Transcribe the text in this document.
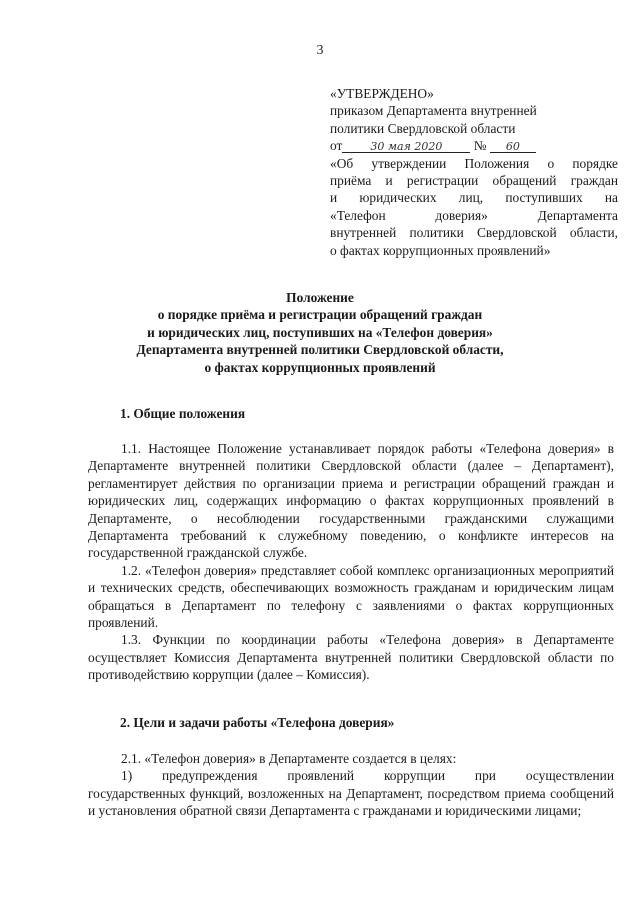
3
«УТВЕРЖДЕНО»
приказом Департамента внутренней
политики Свердловской области
от	30 мая 2020 № 60
«Об утверждении Положения о порядке
приёма и регистрации обращений граждан
и юридических лиц, поступивших на
«Телефон доверия» Департамента
внутренней политики Свердловской области,
о фактах коррупционных проявлений»
Положение
о порядке приёма и регистрации обращений граждан
и юридических лиц, поступивших на «Телефон доверия»
Департамента внутренней политики Свердловской области,
о фактах коррупционных проявлений
1. Общие положения

1.1. Настоящее Положение устанавливает порядок работы «Телефона доверия» в Департаменте внутренней политики Свердловской области (далее – Департамент), регламентирует действия по организации приема и регистрации обращений граждан и юридических лиц, содержащих информацию о фактах коррупционных проявлений в Департаменте, о несоблюдении государственными гражданскими служащими Департамента требований к служебному поведению, о конфликте интересов на государственной гражданской службе.

1.2. «Телефон доверия» представляет собой комплекс организационных мероприятий и технических средств, обеспечивающих возможность гражданам и юридическим лицам обращаться в Департамент по телефону с заявлениями о фактах коррупционных проявлений.

1.3. Функции по координации работы «Телефона доверия» в Департаменте осуществляет Комиссия Департамента внутренней политики Свердловской области по противодействию коррупции (далее – Комиссия).

2. Цели и задачи работы «Телефона доверия»

2.1. «Телефон доверия» в Департаменте создается в целях:

1) предупреждения проявлений коррупции при осуществлении

государственных функций, возложенных на Департамент, посредством приема сообщений и установления обратной связи Департамента с гражданами и юридическими лицами;
